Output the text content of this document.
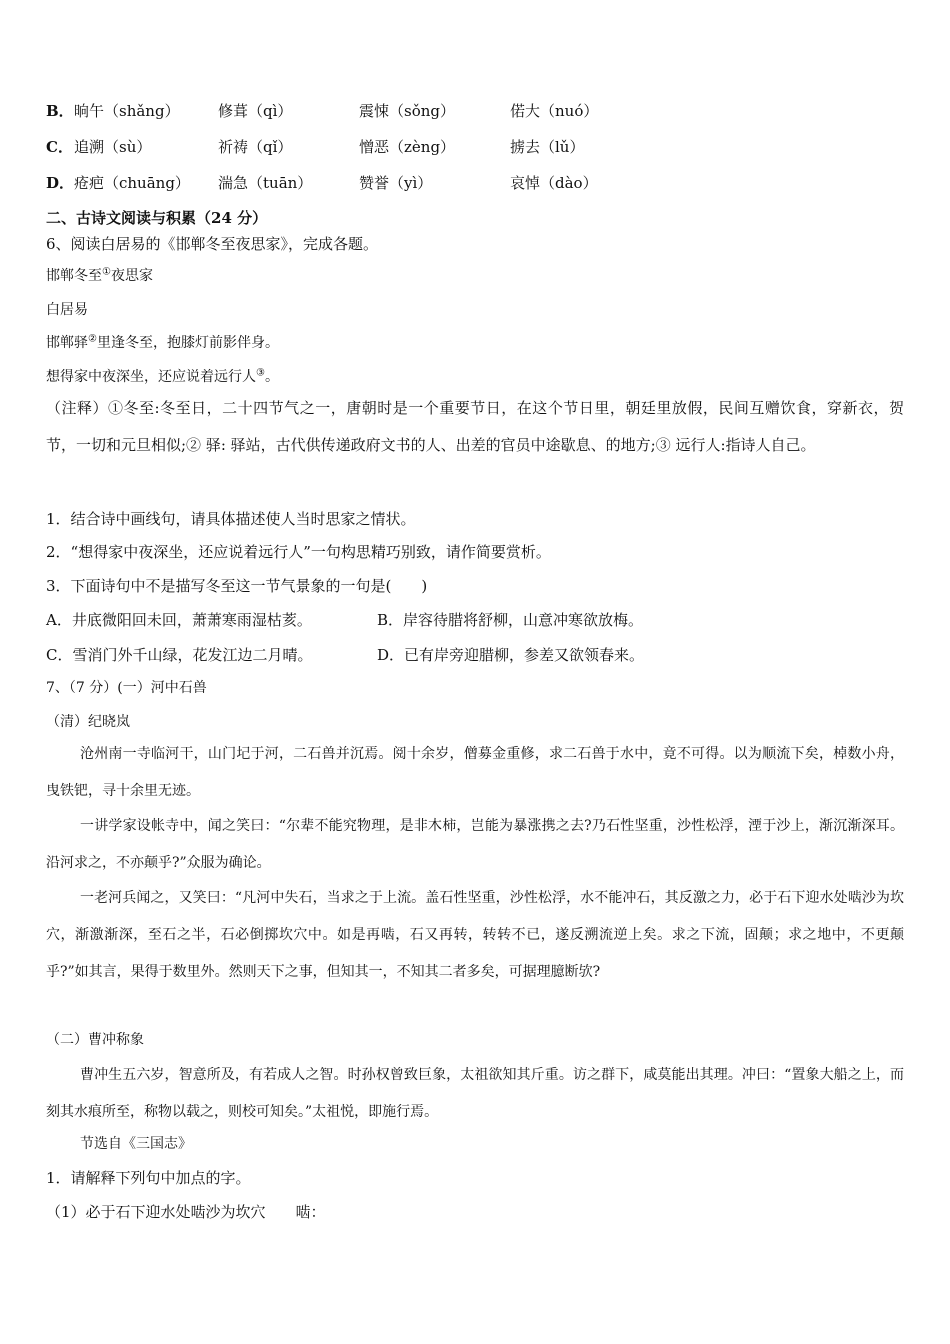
B． 晌午（shǎng）	修葺（qì）	震悚（sǒng）	偌大（nuó）
C． 追溯（sù）	祈祷（qǐ）	憎恶（zèng）	掳去（lǔ）
D． 疮疤（chuāng） 湍急（tuān）	赞誉（yì）	哀悼（dào）
二、古诗文阅读与积累（24 分）
6、阅读白居易的《邯郸冬至夜思家》，完成各题。
邯郸冬至①夜思家
白居易
邯郸驿②里逢冬至，抱膝灯前影伴身。
想得家中夜深坐，还应说着远行人③。
（注释）①冬至:冬至日，二十四节气之一，唐朝时是一个重要节日，在这个节日里，朝廷里放假，民间互赠饮食，穿新衣，贺节，一切和元旦相似;② 驿: 驿站，古代供传递政府文书的人、出差的官员中途歇息、的地方;③ 远行人:指诗人自己。
1．结合诗中画线句，请具体描述使人当时思家之情状。
2．“想得家中夜深坐，还应说着远行人”一句构思精巧别致，请作简要赏析。
3．下面诗句中不是描写冬至这一节气景象的一句是(　　)
A．井底微阳回未回，萧萧寒雨湿枯荄。	B．岸容待腊将舒柳，山意冲寒欲放梅。
C．雪消门外千山绿，花发江边二月晴。	D．已有岸旁迎腊柳，参差又欲领春来。
7、（7 分）(一）河中石兽
（清）纪晓岚
沧州南一寺临河干，山门圮于河，二石兽并沉焉。阅十余岁，僧募金重修，求二石兽于水中，竟不可得。以为顺流下矣，棹数小舟，曳铁钯，寻十余里无迹。
一讲学家设帐寺中，闻之笑曰：“尔辈不能究物理，是非木柿，岂能为暴涨携之去?乃石性坚重，沙性松浮，湮于沙上，渐沉渐深耳。沿河求之，不亦颠乎?”众服为确论。
一老河兵闻之，又笑曰：“凡河中失石，当求之于上流。盖石性坚重，沙性松浮，水不能冲石，其反激之力，必于石下迎水处啮沙为坎穴，渐激渐深，至石之半，石必倒掷坎穴中。如是再啮，石又再转，转转不已，遂反溯流逆上矣。求之下流，固颠；求之地中，不更颠乎?”如其言，果得于数里外。然则天下之事，但知其一，不知其二者多矣，可据理臆断欤?
（二）曹冲称象
曹冲生五六岁，智意所及，有若成人之智。时孙权曾致巨象，太祖欲知其斤重。访之群下，咸莫能出其理。冲曰：“置象大船之上，而刻其水痕所至，称物以载之，则校可知矣。”太祖悦，即施行焉。
节选自《三国志》
1．请解释下列句中加点的字。
（1）必于石下迎水处啮沙为坎穴　　啮：
